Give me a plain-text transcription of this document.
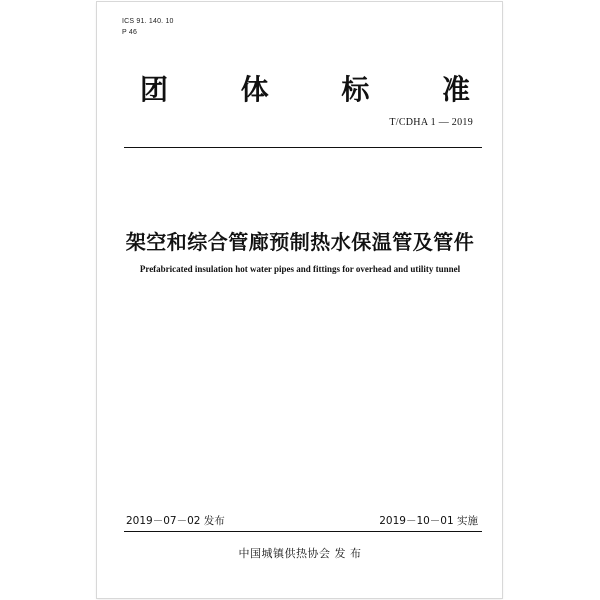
ICS 91. 140. 10
P 46
团	体	标	准
T/CDHA 1 — 2019
架空和综合管廊预制热水保温管及管件
Prefabricated insulation hot water pipes and fittings for overhead and utility tunnel
2019－07－02 发布	2019－10－01 实施
中国城镇供热协会 发 布
